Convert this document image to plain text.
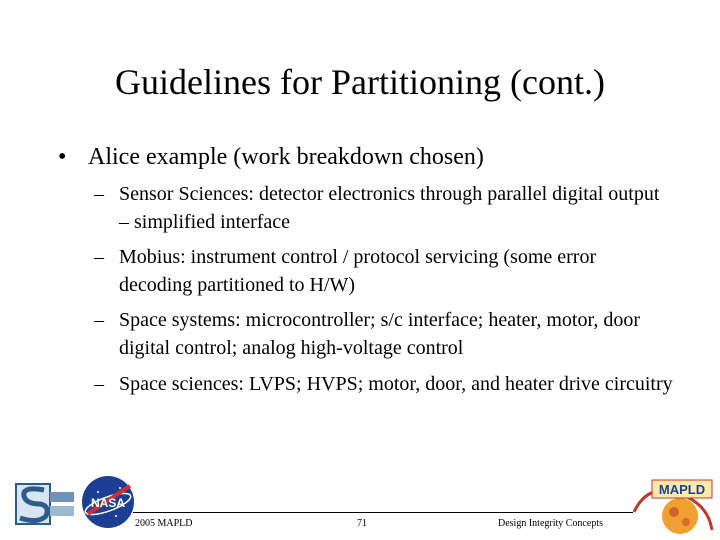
Guidelines for Partitioning (cont.)
• Alice example (work breakdown chosen)
– Sensor Sciences: detector electronics through parallel digital output – simplified interface
– Mobius: instrument control / protocol servicing (some error decoding partitioned to H/W)
– Space systems: microcontroller; s/c interface; heater, motor, door digital control; analog high-voltage control
– Space sciences: LVPS; HVPS; motor, door, and heater drive circuitry
NASA
MAPLD
2005 MAPLD	71	Design Integrity Concepts
